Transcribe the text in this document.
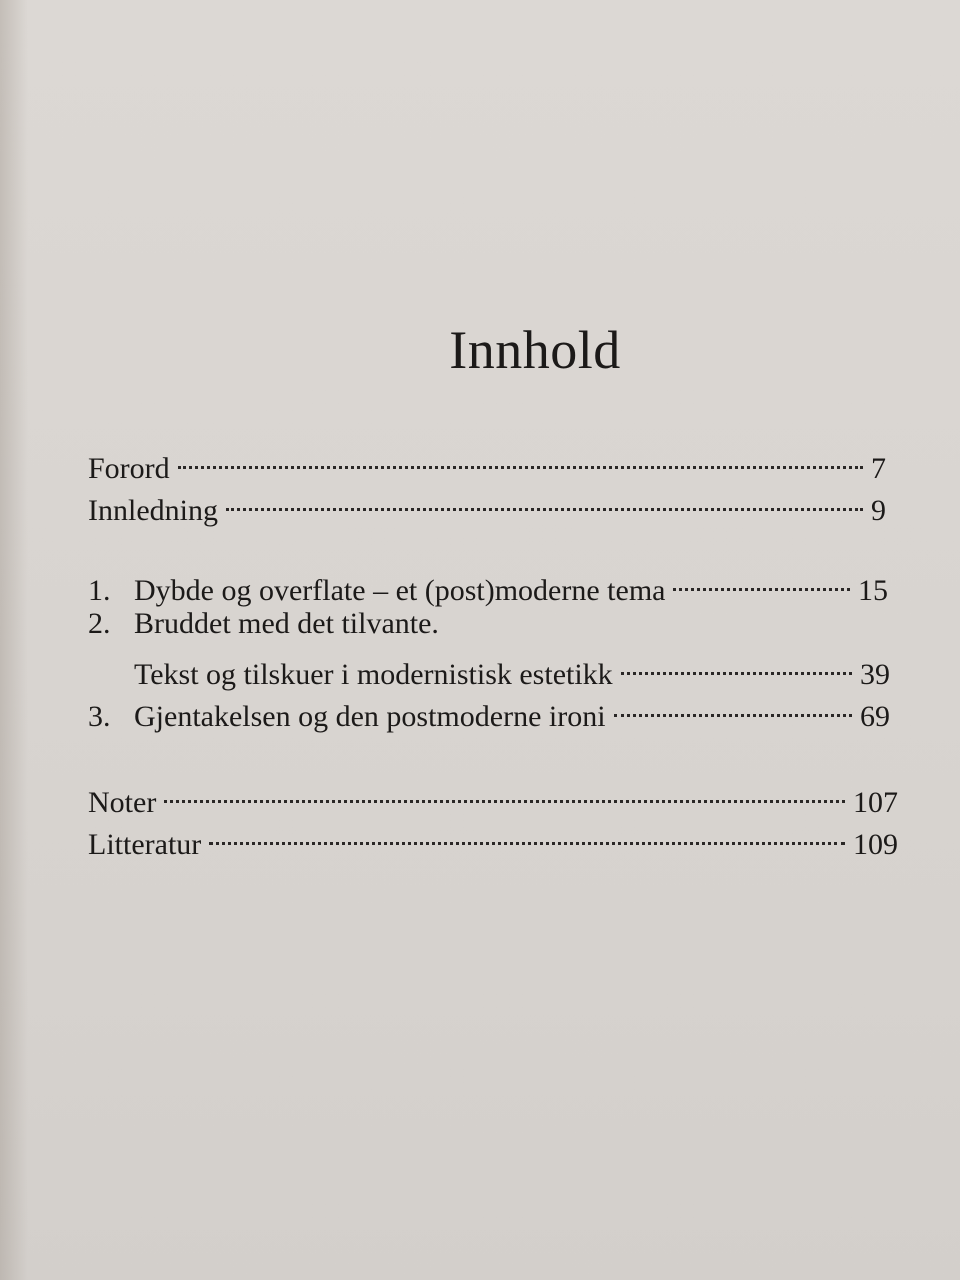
Innhold
Forord	7
Innledning	9
1. Dybde og overflate – et (post)moderne tema	15
2. Bruddet med det tilvante.
Tekst og tilskuer i modernistisk estetikk	39
3. Gjentakelsen og den postmoderne ironi	69
Noter	107
Litteratur	109
